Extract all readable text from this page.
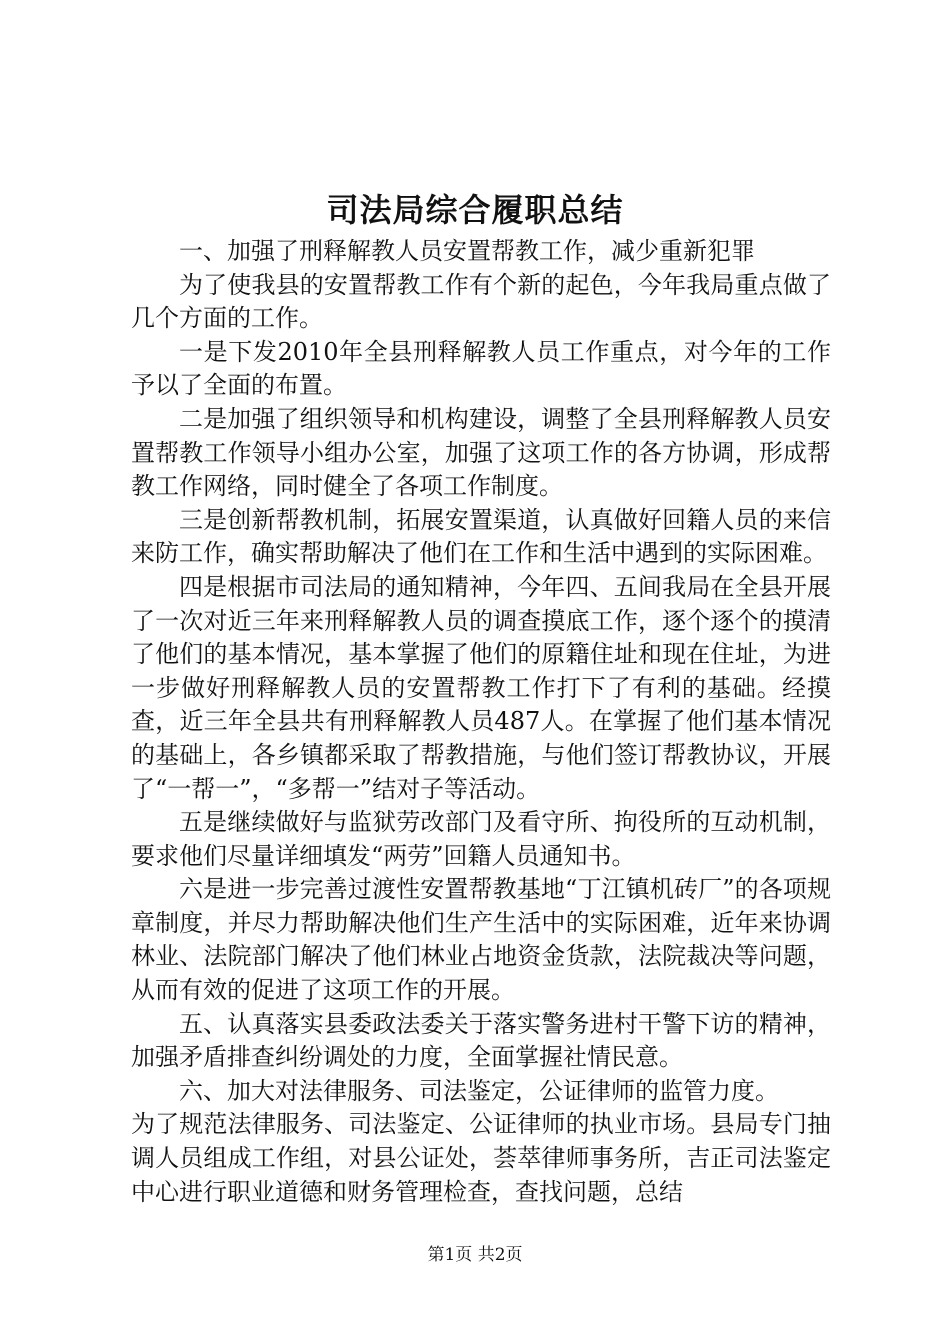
司法局综合履职总结

一、加强了刑释解教人员安置帮教工作，减少重新犯罪

为了使我县的安置帮教工作有个新的起色，今年我局重点做了几个方面的工作。

一是下发2010年全县刑释解教人员工作重点，对今年的工作予以了全面的布置。

二是加强了组织领导和机构建设，调整了全县刑释解教人员安置帮教工作领导小组办公室，加强了这项工作的各方协调，形成帮教工作网络，同时健全了各项工作制度。

三是创新帮教机制，拓展安置渠道，认真做好回籍人员的来信来防工作，确实帮助解决了他们在工作和生活中遇到的实际困难。

四是根据市司法局的通知精神，今年四、五间我局在全县开展了一次对近三年来刑释解教人员的调查摸底工作，逐个逐个的摸清了他们的基本情况，基本掌握了他们的原籍住址和现在住址，为进一步做好刑释解教人员的安置帮教工作打下了有利的基础。经摸查，近三年全县共有刑释解教人员487人。在掌握了他们基本情况的基础上，各乡镇都采取了帮教措施，与他们签订帮教协议，开展了“一帮一”，“多帮一”结对子等活动。

五是继续做好与监狱劳改部门及看守所、拘役所的互动机制，要求他们尽量详细填发“两劳”回籍人员通知书。

六是进一步完善过渡性安置帮教基地“丁江镇机砖厂”的各项规章制度，并尽力帮助解决他们生产生活中的实际困难，近年来协调林业、法院部门解决了他们林业占地资金货款，法院裁决等问题，从而有效的促进了这项工作的开展。

五、认真落实县委政法委关于落实警务进村干警下访的精神，加强矛盾排查纠纷调处的力度，全面掌握社情民意。

六、加大对法律服务、司法鉴定，公证律师的监管力度。

为了规范法律服务、司法鉴定、公证律师的执业市场。县局专门抽调人员组成工作组，对县公证处，荟萃律师事务所，吉正司法鉴定中心进行职业道德和财务管理检查，查找问题，总结

第1页 共2页
